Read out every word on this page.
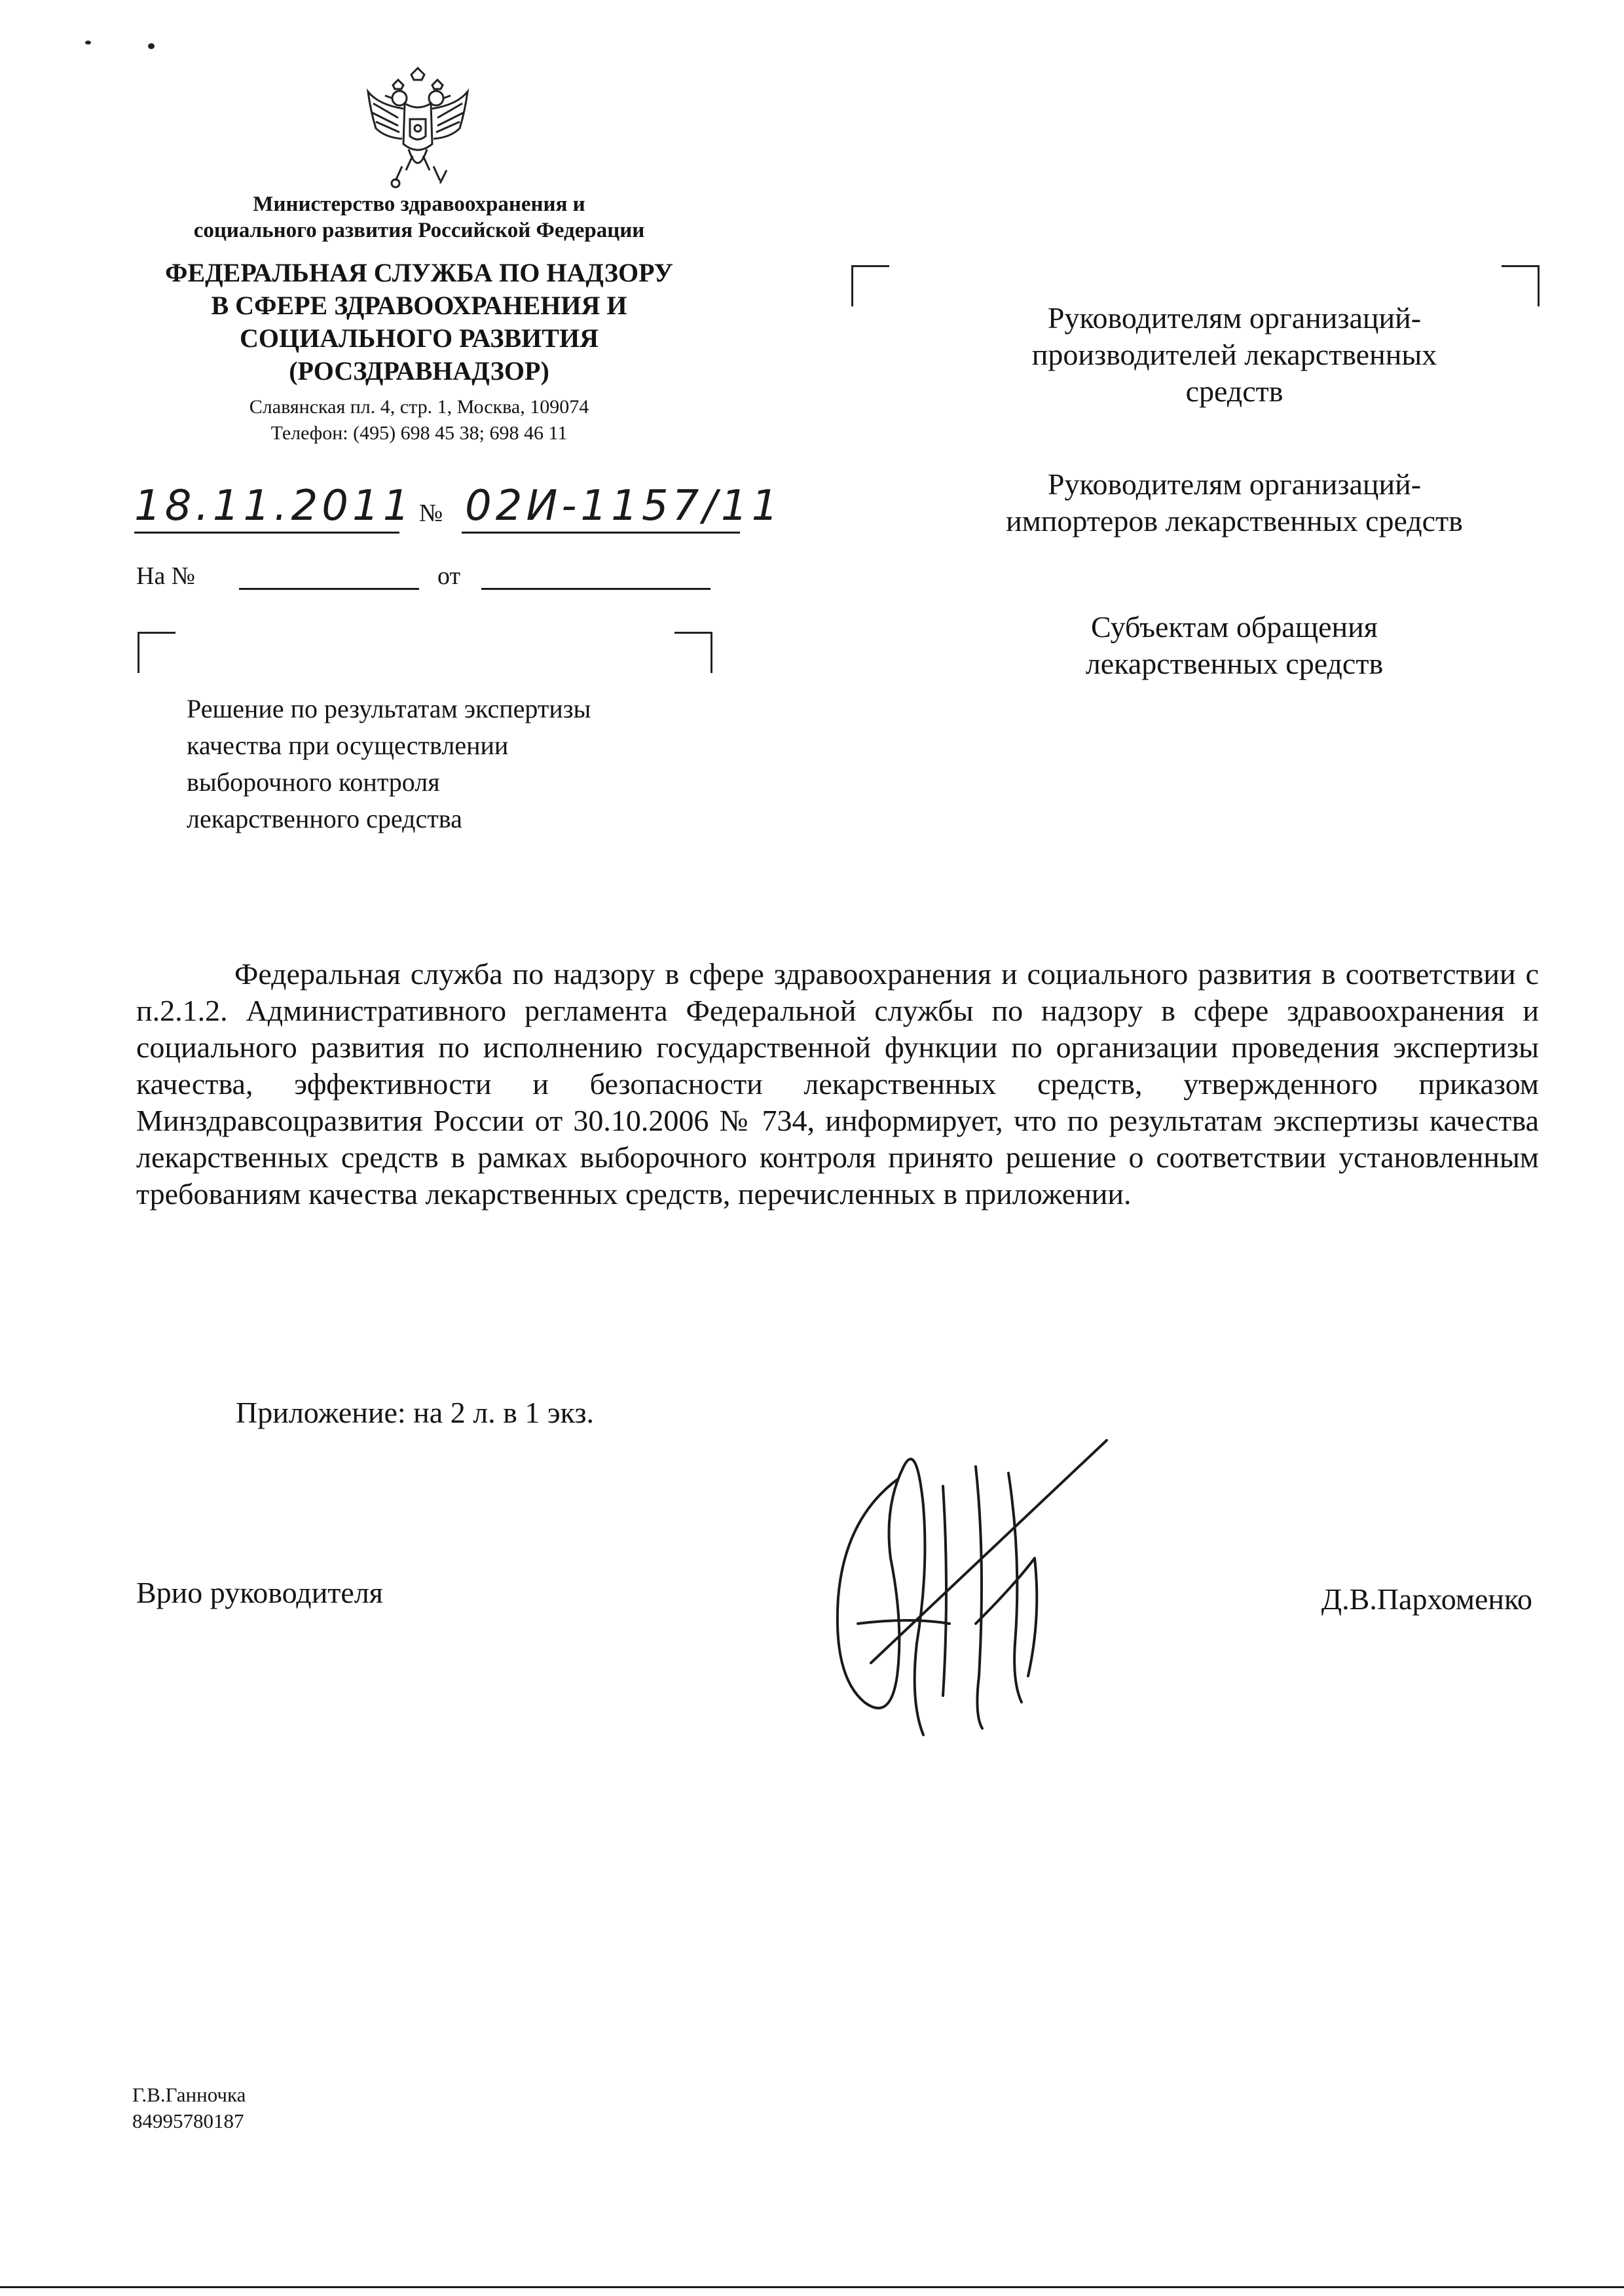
Министерство здравоохранения и
социального развития Российской Федерации
ФЕДЕРАЛЬНАЯ СЛУЖБА ПО НАДЗОРУ
В СФЕРЕ ЗДРАВООХРАНЕНИЯ И
СОЦИАЛЬНОГО РАЗВИТИЯ
(РОСЗДРАВНАДЗОР)
Славянская пл. 4, стр. 1, Москва, 109074
Телефон: (495) 698 45 38; 698 46 11
18.11.2011 № 02И-1157/11
На №	от
Решение по результатам экспертизы
качества при осуществлении
выборочного контроля
лекарственного средства
Руководителям организаций-
производителей лекарственных
средств
Руководителям организаций-
импортеров лекарственных средств
Субъектам обращения
лекарственных средств
Федеральная служба по надзору в сфере здравоохранения и социального развития в соответствии с п.2.1.2. Административного регламента Федеральной службы по надзору в сфере здравоохранения и социального развития по исполнению государственной функции по организации проведения экспертизы качества, эффективности и безопасности лекарственных средств, утвержденного приказом Минздравсоцразвития России от 30.10.2006 № 734, информирует, что по результатам экспертизы качества лекарственных средств в рамках выборочного контроля принято решение о соответствии установленным требованиям качества лекарственных средств, перечисленных в приложении.
Приложение: на 2 л. в 1 экз.
Врио руководителя	Д.В.Пархоменко
Г.В.Ганночка
84995780187
